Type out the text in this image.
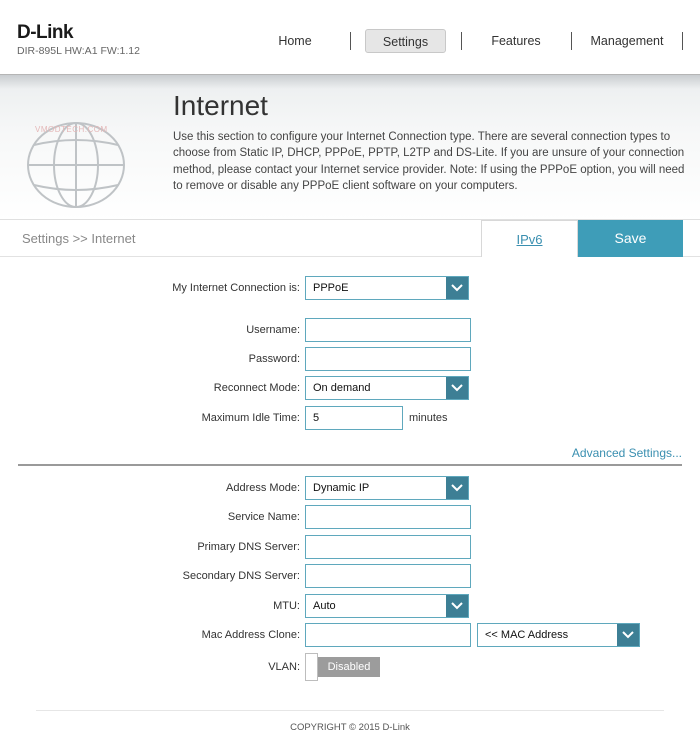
D-Link
DIR-895L HW:A1 FW:1.12
Home	Settings	Features	Management
VMODTECH.COM
Internet
Use this section to configure your Internet Connection type. There are several connection types to choose from Static IP, DHCP, PPPoE, PPTP, L2TP and DS-Lite. If you are unsure of your connection method, please contact your Internet service provider. Note: If using the PPPoE option, you will need to remove or disable any PPPoE client software on your computers.
Settings >> Internet	IPv6	Save
My Internet Connection is: PPPoE
Username:
Password:
Reconnect Mode: On demand
Maximum Idle Time:	5	minutes
Advanced Settings...
Address Mode: Dynamic IP
Service Name:
Primary DNS Server:
Secondary DNS Server:
MTU: Auto
Mac Address Clone:	<< MAC Address
VLAN:	Disabled
COPYRIGHT © 2015 D-Link
